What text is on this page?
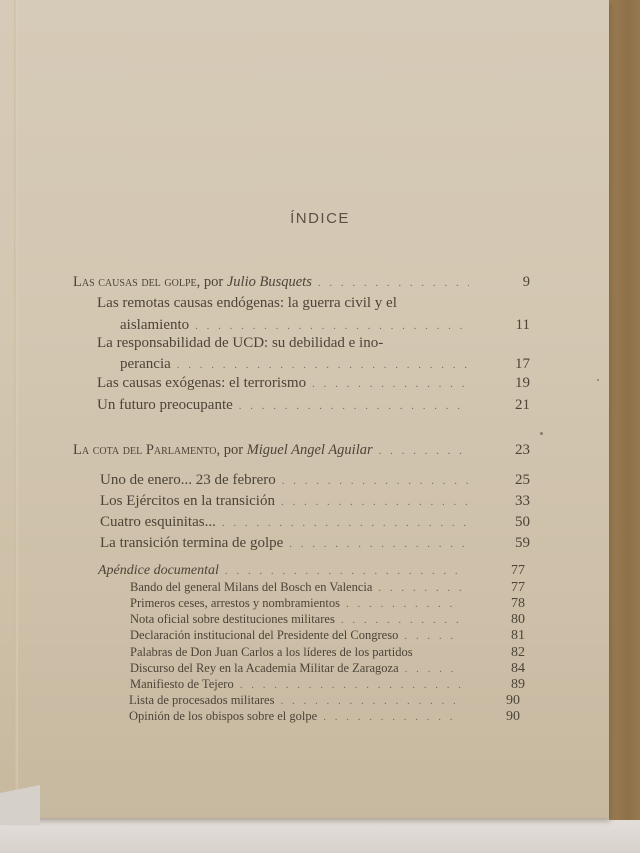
ÍNDICE
Las causas del golpe, por Julio Busquets . . .	9
Las remotas causas endógenas: la guerra civil y el
aislamiento . . .	11
La responsabilidad de UCD: su debilidad e ino-
perancia . . .	17
Las causas exógenas: el terrorismo . . .	19
Un futuro preocupante . . .	21
La cota del Parlamento, por Miguel Angel Aguilar . . .	23
Uno de enero... 23 de febrero . . .	25
Los Ejércitos en la transición . . .	33
Cuatro esquinitas... . . .	50
La transición termina de golpe . . .	59
Apéndice documental . . .	77
Bando del general Milans del Bosch en Valencia . . .	77
Primeros ceses, arrestos y nombramientos . . .	78
Nota oficial sobre destituciones militares . . .	80
Declaración institucional del Presidente del Congreso . . .	81
Palabras de Don Juan Carlos a los líderes de los partidos	82
Discurso del Rey en la Academia Militar de Zaragoza . . .	84
Manifiesto de Tejero . . .	89
Lista de procesados militares . . .	90
Opinión de los obispos sobre el golpe . . .	90
